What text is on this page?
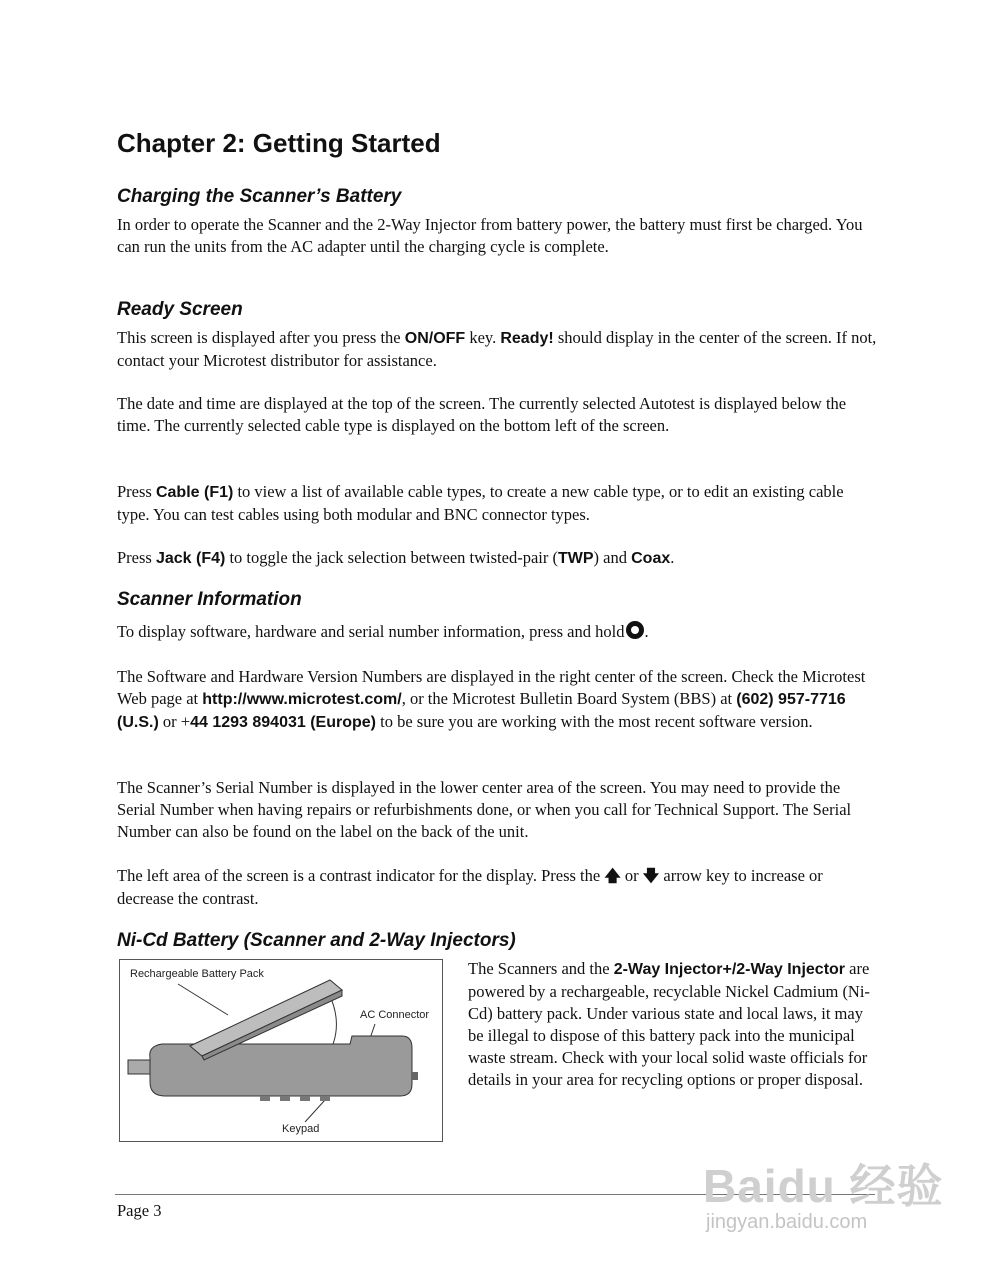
Chapter 2: Getting Started
Charging the Scanner’s Battery

In order to operate the Scanner and the 2-Way Injector from battery power, the battery must first be charged. You can run the units from the AC adapter until the charging cycle is complete.

Ready Screen

This screen is displayed after you press the ON/OFF key. Ready! should display in the center of the screen. If not, contact your Microtest distributor for assistance.

The date and time are displayed at the top of the screen. The currently selected Autotest is displayed below the time. The currently selected cable type is displayed on the bottom left of the screen.

Press Cable (F1) to view a list of available cable types, to create a new cable type, or to edit an existing cable type. You can test cables using both modular and BNC connector types.

Press Jack (F4) to toggle the jack selection between twisted-pair (TWP) and Coax.

Scanner Information

To display software, hardware and serial number information, press and hold .

The Software and Hardware Version Numbers are displayed in the right center of the screen. Check the Microtest Web page at http://www.microtest.com/, or the Microtest Bulletin Board System (BBS) at (602) 957-7716 (U.S.) or +44 1293 894031 (Europe) to be sure you are working with the most recent software version.

The Scanner’s Serial Number is displayed in the lower center area of the screen. You may need to provide the Serial Number when having repairs or refurbishments done, or when you call for Technical Support. The Serial Number can also be found on the label on the back of the unit.

The left area of the screen is a contrast indicator for the display. Press the 🡅 or 🡇 arrow key to increase or decrease the contrast.

Ni-Cd Battery (Scanner and 2-Way Injectors)
Rechargeable Battery Pack
AC Connector
Keypad

The Scanners and the 2-Way Injector+/2-Way Injector are powered by a rechargeable, recyclable Nickel Cadmium (Ni-Cd) battery pack. Under various state and local laws, it may be illegal to dispose of this battery pack into the municipal waste stream. Check with your local solid waste officials for details in your area for recycling options or proper disposal.

Page 3	Baidu 经验
jingyan.baidu.com
